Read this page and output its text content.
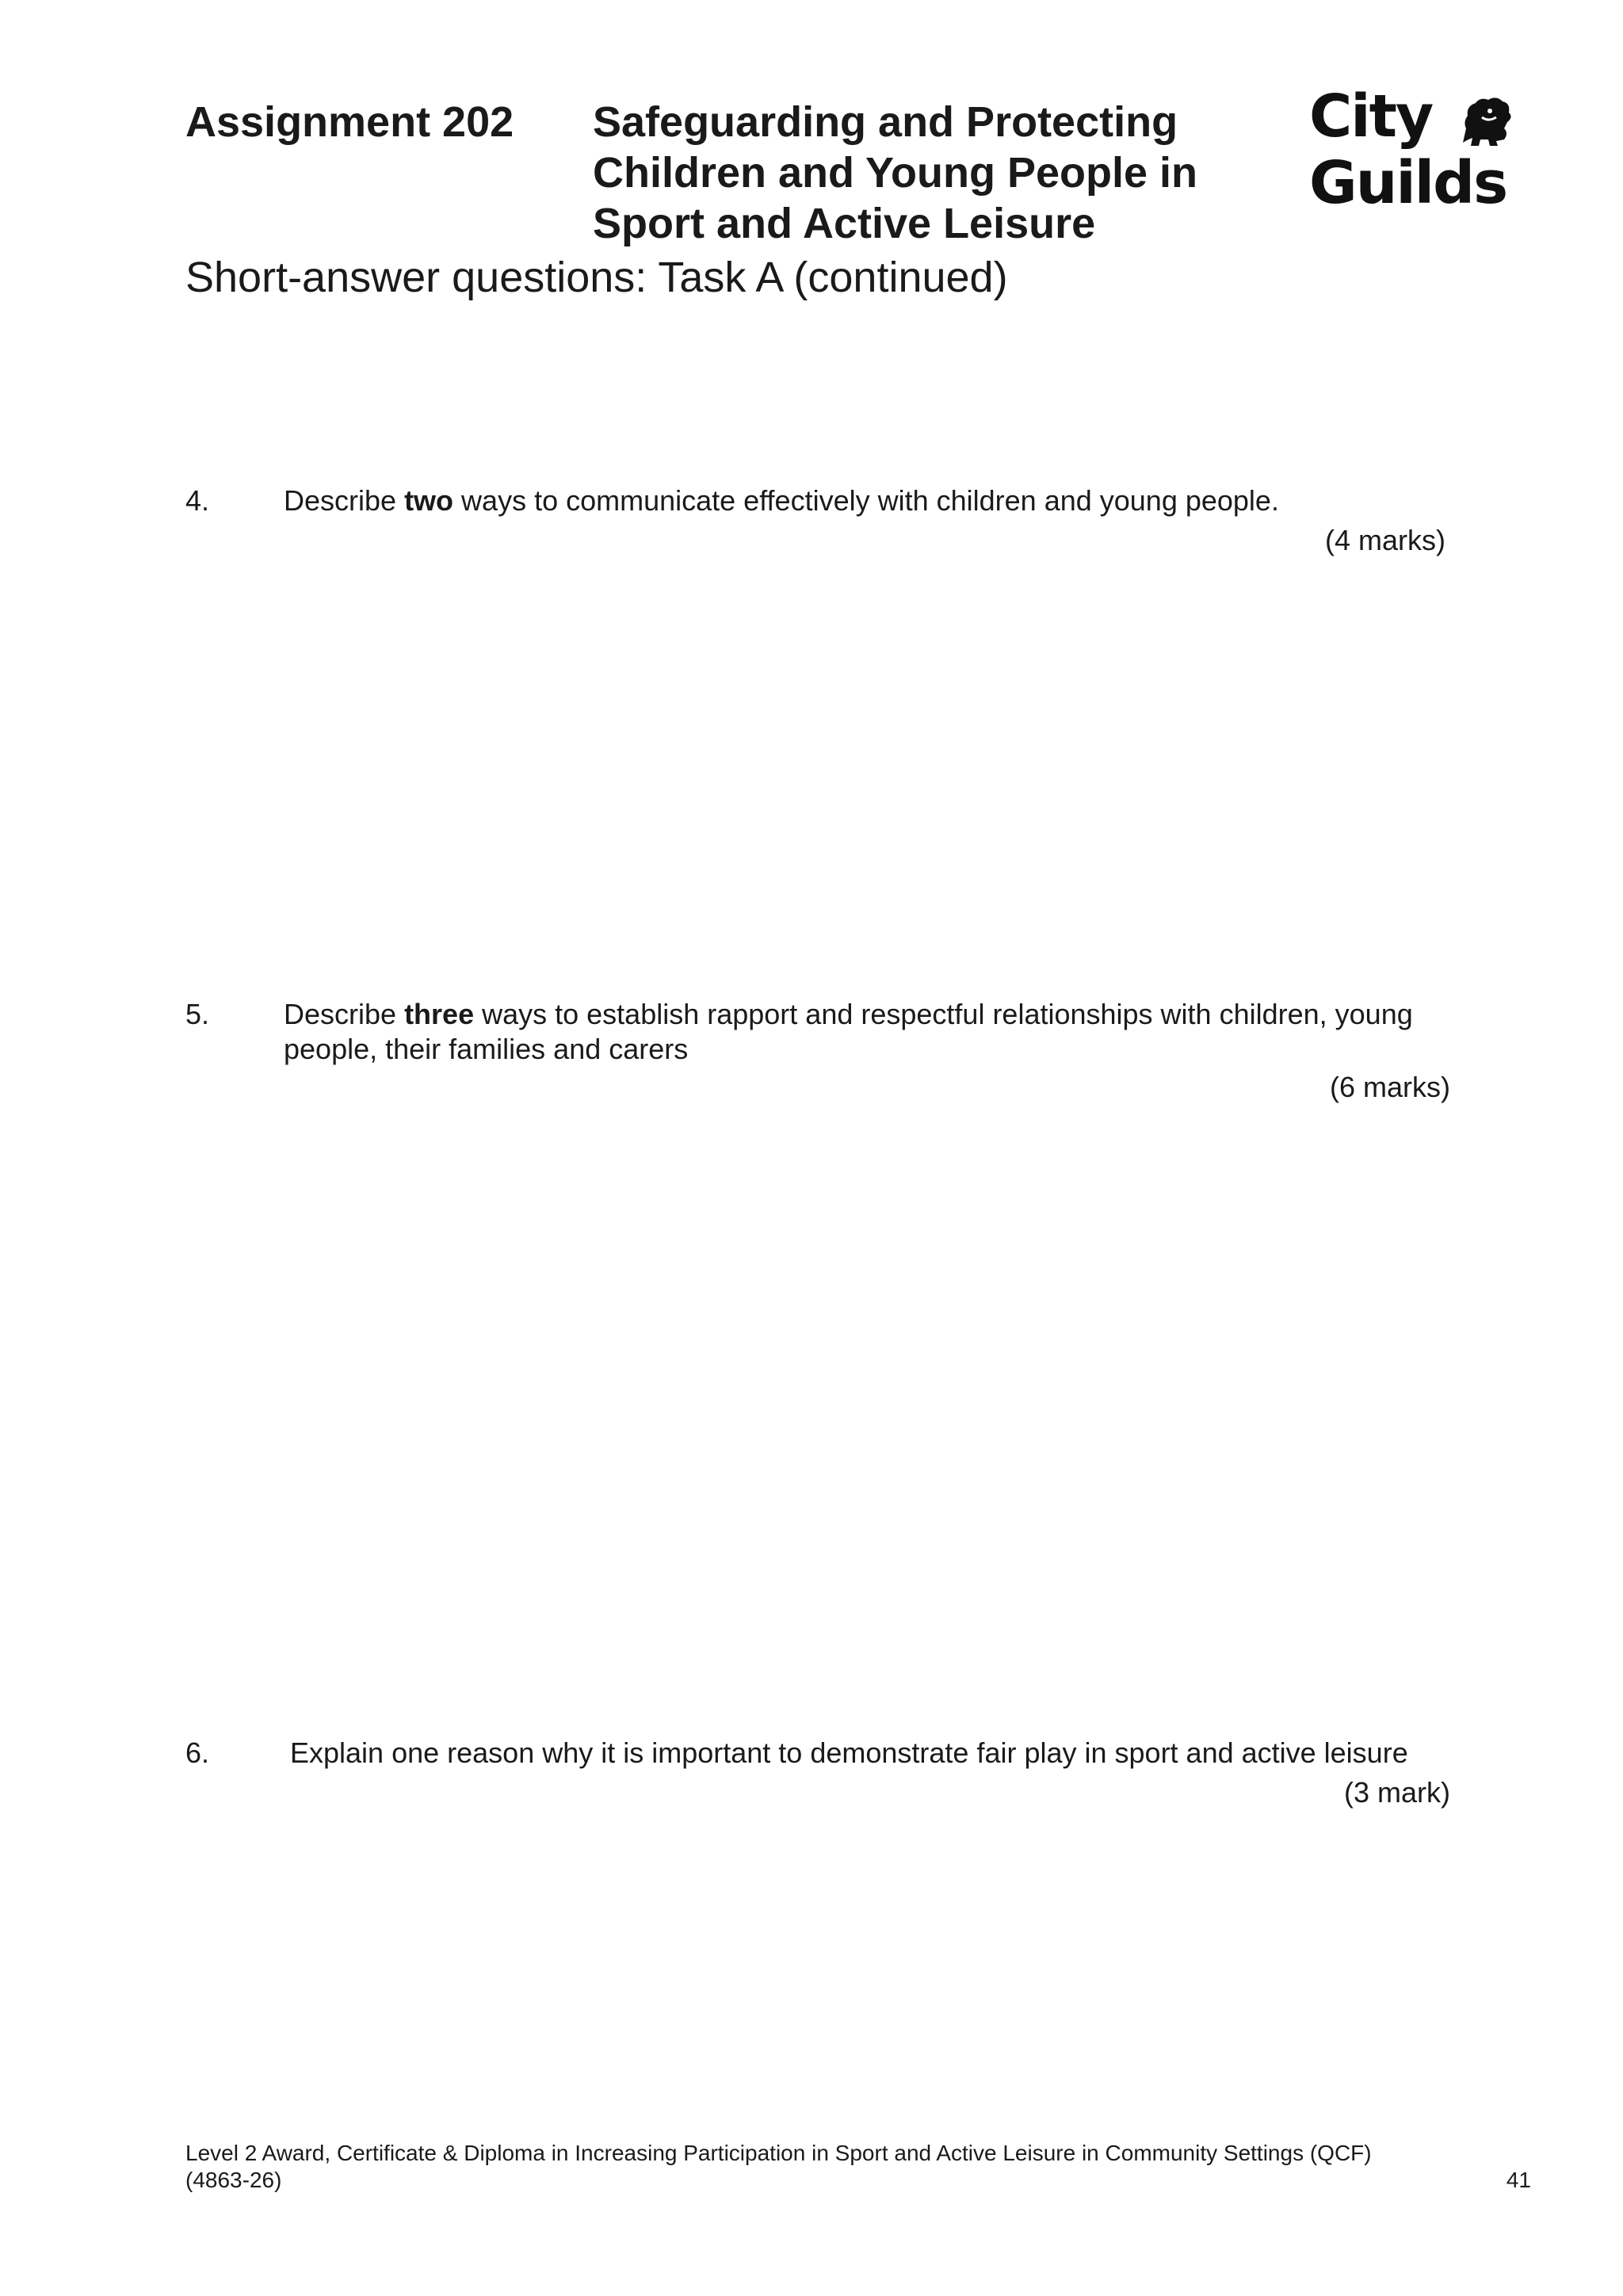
Assignment 202 Safeguarding and Protecting
Children and Young People in
Sport and Active Leisure
Short-answer questions: Task A (continued)
City
Guilds
4.	Describe two ways to communicate effectively with children and young people.
(4 marks)
5.	Describe three ways to establish rapport and respectful relationships with children, young people, their families and carers
(6 marks)
6.	Explain one reason why it is important to demonstrate fair play in sport and active leisure
(3 mark)
Level 2 Award, Certificate & Diploma in Increasing Participation in Sport and Active Leisure in Community Settings (QCF)
(4863-26)	41
